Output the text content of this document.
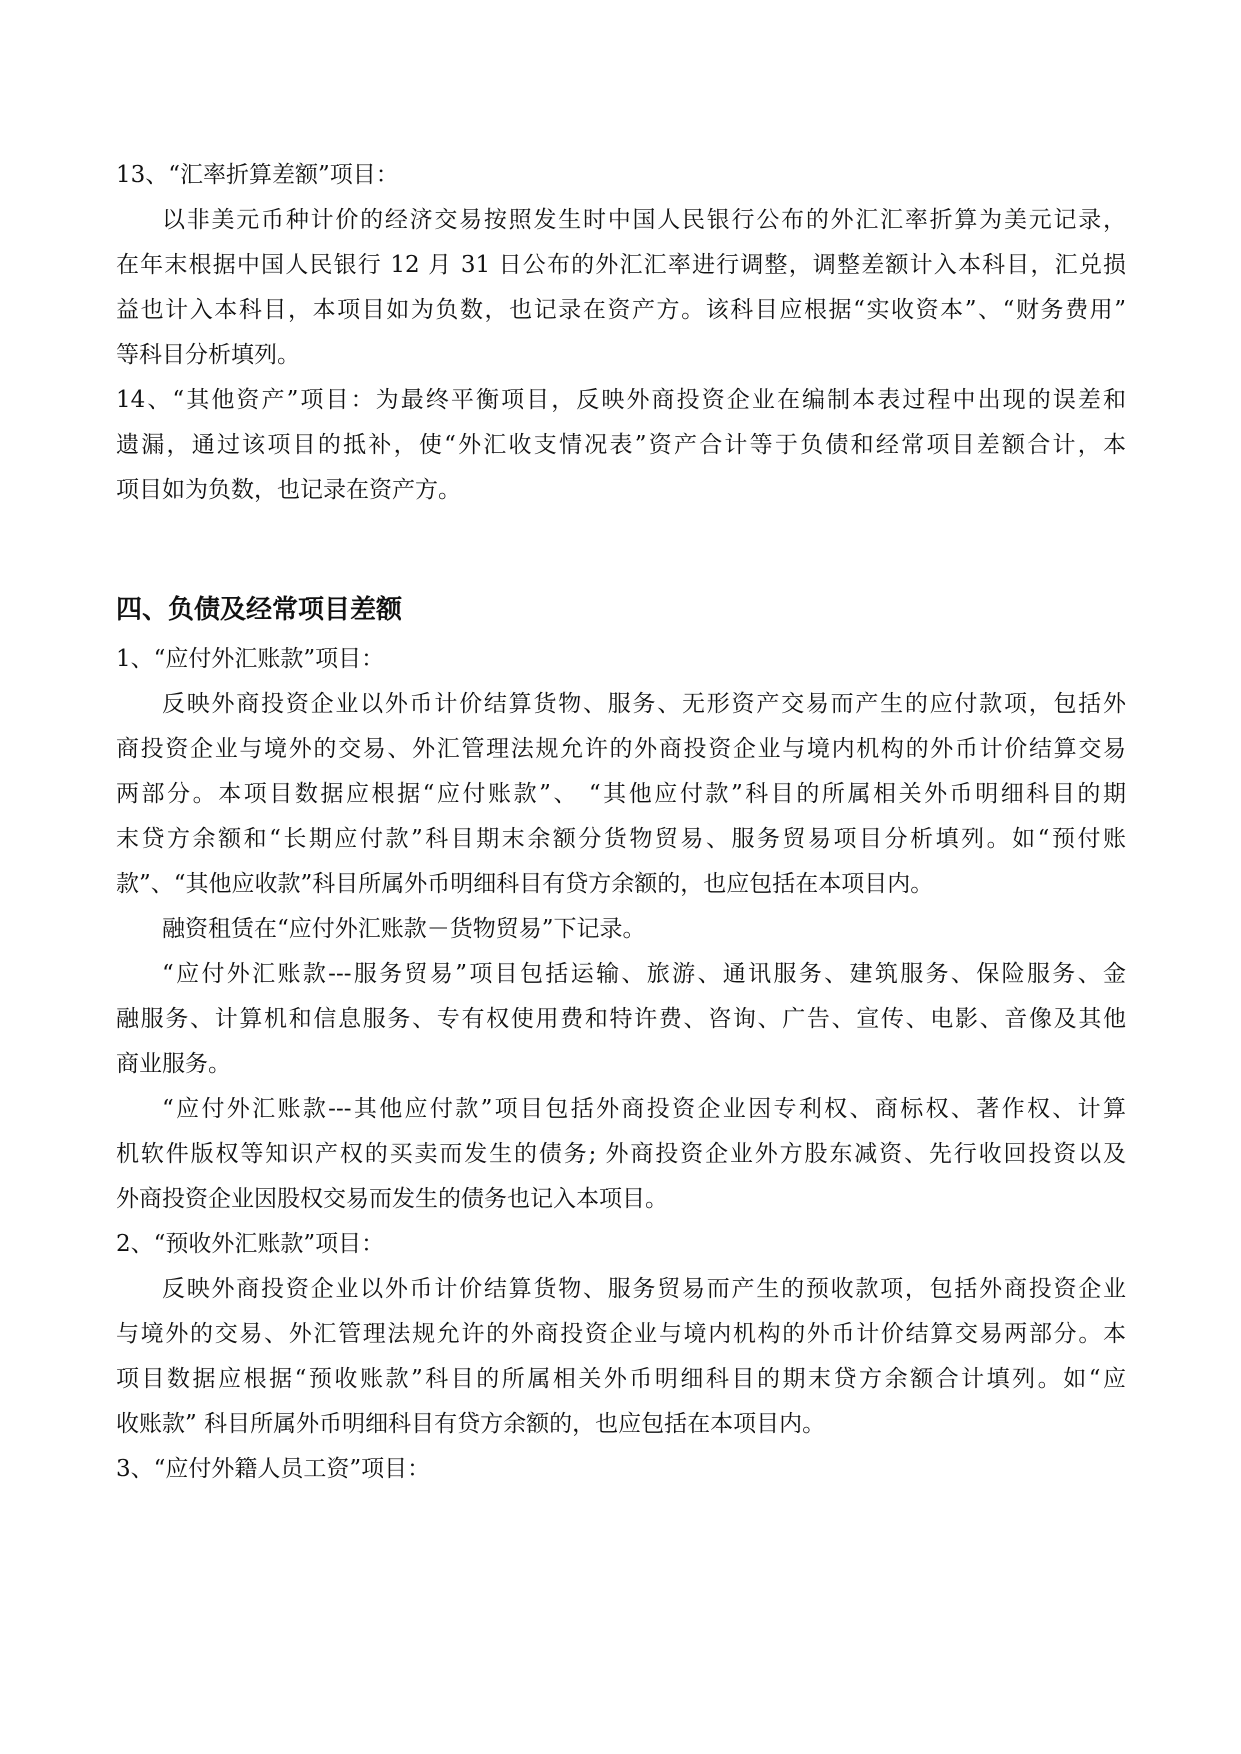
13、“汇率折算差额”项目：
以非美元币种计价的经济交易按照发生时中国人民银行公布的外汇汇率折算为美元记录，
在年末根据中国人民银行 12 月 31 日公布的外汇汇率进行调整，调整差额计入本科目，汇兑损
益也计入本科目，本项目如为负数，也记录在资产方。该科目应根据“实收资本”、“财务费用”
等科目分析填列。
14、“其他资产”项目：为最终平衡项目，反映外商投资企业在编制本表过程中出现的误差和
遗漏，通过该项目的抵补，使“外汇收支情况表”资产合计等于负债和经常项目差额合计，本
项目如为负数，也记录在资产方。
四、负债及经常项目差额
1、“应付外汇账款”项目：
反映外商投资企业以外币计价结算货物、服务、无形资产交易而产生的应付款项，包括外
商投资企业与境外的交易、外汇管理法规允许的外商投资企业与境内机构的外币计价结算交易
两部分。本项目数据应根据“应付账款”、 “其他应付款”科目的所属相关外币明细科目的期
末贷方余额和“长期应付款”科目期末余额分货物贸易、服务贸易项目分析填列。如“预付账
款”、“其他应收款”科目所属外币明细科目有贷方余额的，也应包括在本项目内。
融资租赁在“应付外汇账款－货物贸易”下记录。
“应付外汇账款---服务贸易”项目包括运输、旅游、通讯服务、建筑服务、保险服务、金
融服务、计算机和信息服务、专有权使用费和特许费、咨询、广告、宣传、电影、音像及其他
商业服务。
“应付外汇账款---其他应付款”项目包括外商投资企业因专利权、商标权、著作权、计算
机软件版权等知识产权的买卖而发生的债务; 外商投资企业外方股东减资、先行收回投资以及
外商投资企业因股权交易而发生的债务也记入本项目。
2、“预收外汇账款”项目：
反映外商投资企业以外币计价结算货物、服务贸易而产生的预收款项，包括外商投资企业
与境外的交易、外汇管理法规允许的外商投资企业与境内机构的外币计价结算交易两部分。本
项目数据应根据“预收账款”科目的所属相关外币明细科目的期末贷方余额合计填列。如“应
收账款” 科目所属外币明细科目有贷方余额的，也应包括在本项目内。
3、“应付外籍人员工资”项目：
